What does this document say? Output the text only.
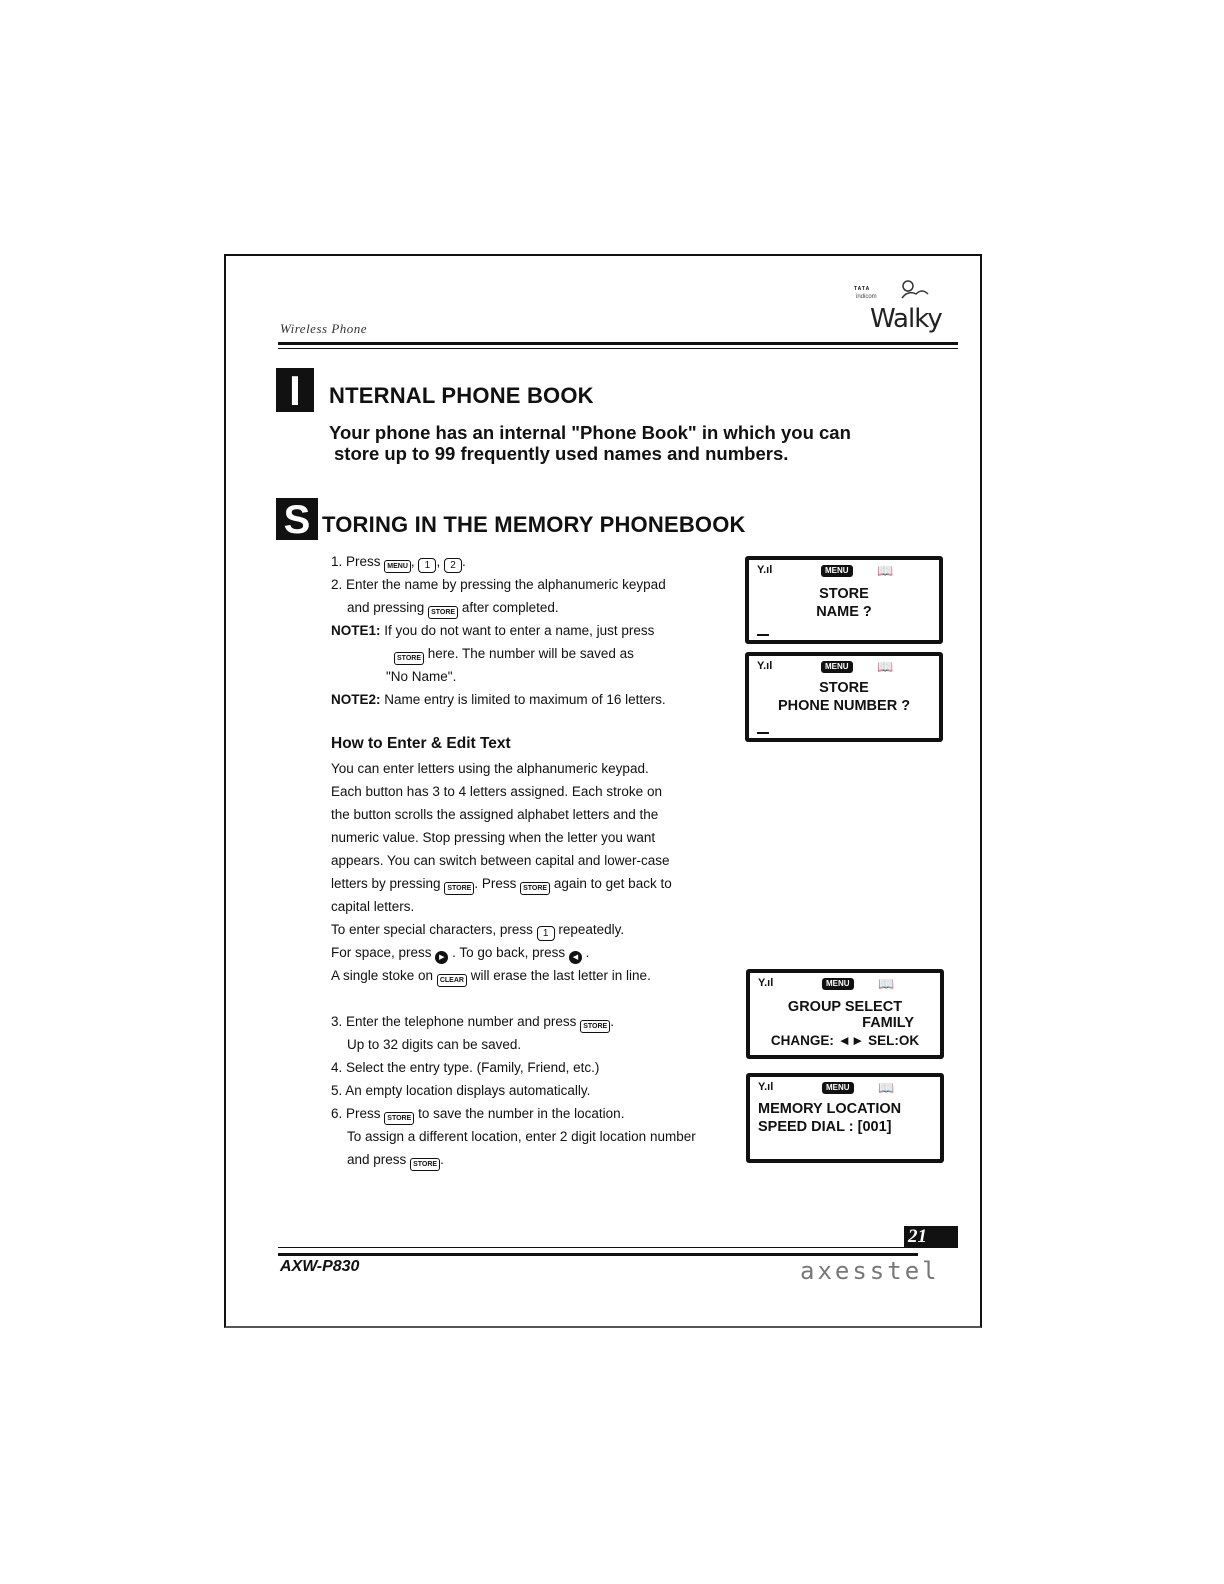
Wireless Phone
TATA
indicom
Walky
I	NTERNAL PHONE BOOK
Your phone has an internal "Phone Book" in which you can
store up to 99 frequently used names and numbers.
S TORING IN THE MEMORY PHONEBOOK
1. Press MENU , 1 , 2 .
2. Enter the name by pressing the alphanumeric keypad
and pressing STORE after completed.
NOTE1: If you do not want to enter a name, just press
STORE here. The number will be saved as
"No Name".
NOTE2: Name entry is limited to maximum of 16 letters.
How to Enter & Edit Text
You can enter letters using the alphanumeric keypad.
Each button has 3 to 4 letters assigned. Each stroke on
the button scrolls the assigned alphabet letters and the
numeric value. Stop pressing when the letter you want
appears. You can switch between capital and lower-case
letters by pressing STORE . Press STORE again to get back to
capital letters.
To enter special characters, press 1 repeatedly.
For space, press ▶ . To go back, press ◀ .
A single stoke on CLEAR will erase the last letter in line.
3. Enter the telephone number and press STORE .
Up to 32 digits can be saved.
4. Select the entry type. (Family, Friend, etc.)
5. An empty location displays automatically.
6. Press STORE to save the number in the location.
To assign a different location, enter 2 digit location number
and press STORE .
Y.ıl	MENU	📖
STORE
NAME ?
Y.ıl	MENU	📖
STORE
PHONE NUMBER ?
Y.ıl	MENU	📖
GROUP SELECT
FAMILY
CHANGE: ◄► SEL:OK
Y.ıl	MENU	📖
MEMORY LOCATION
SPEED DIAL : [001]
21
AXW-P830	axesstel
